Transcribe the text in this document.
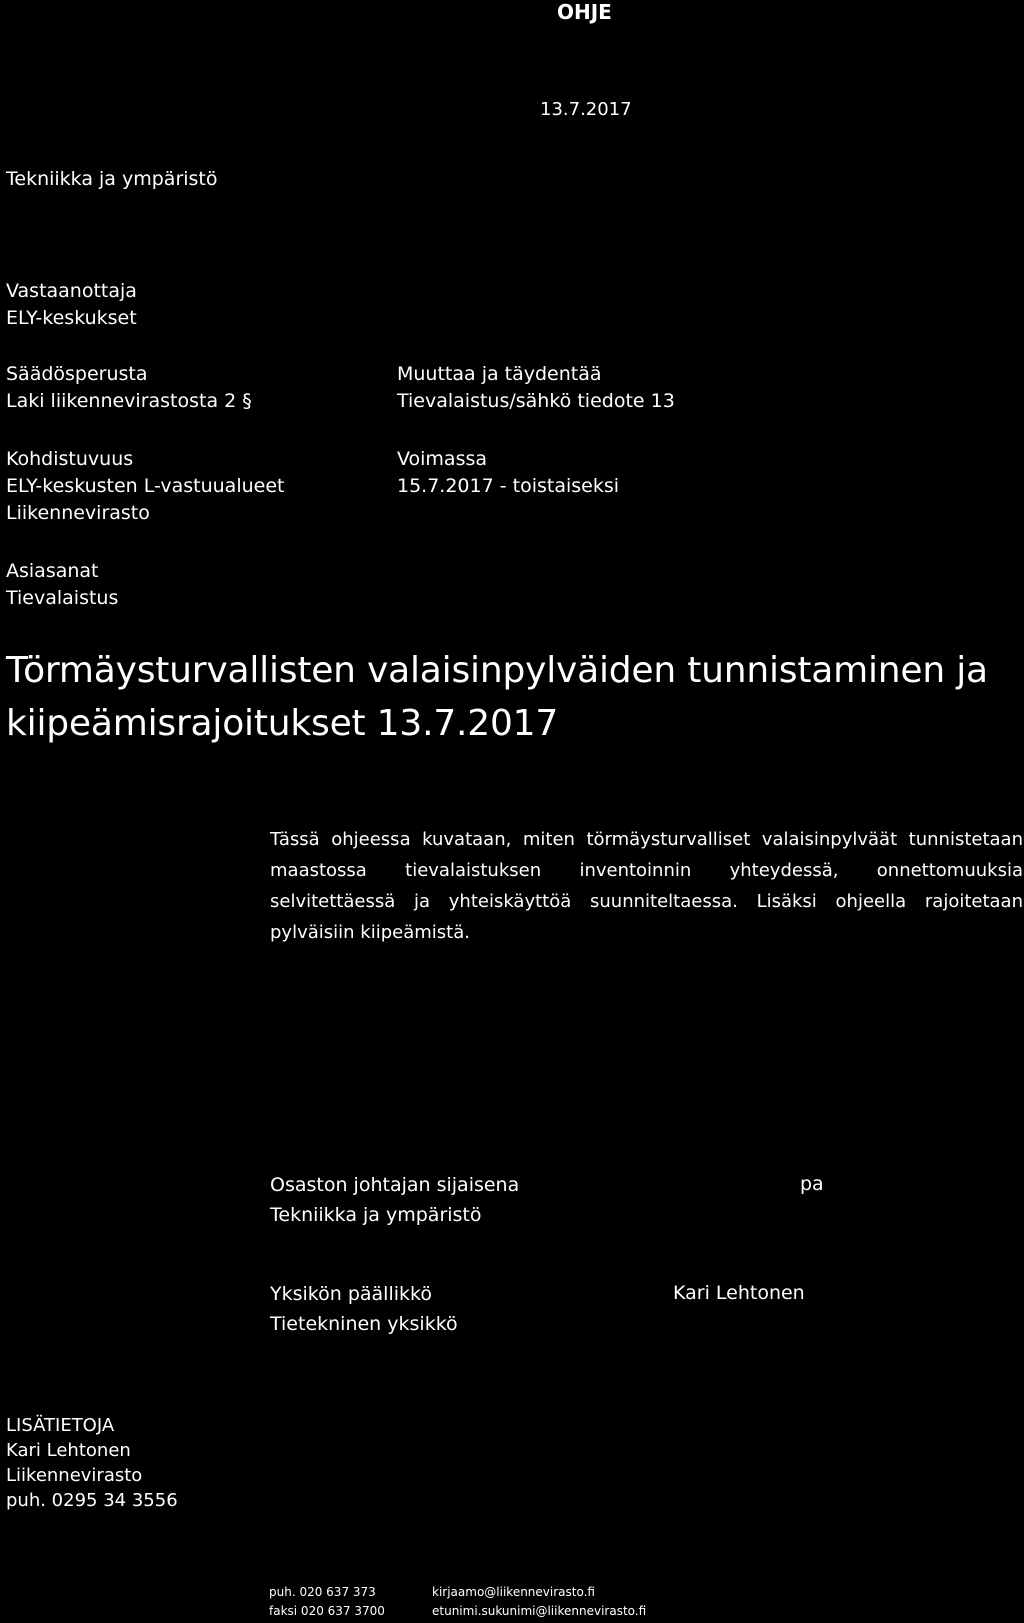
OHJE
13.7.2017
Tekniikka ja ympäristö
Vastaanottaja
ELY-keskukset
Säädösperusta
Laki liikennevirastosta 2 §
Muuttaa ja täydentää
Tievalaistus/sähkö tiedote 13
Kohdistuvuus
ELY-keskusten L-vastuualueet
Liikennevirasto
Voimassa
15.7.2017 - toistaiseksi
Asiasanat
Tievalaistus
Törmäysturvallisten valaisinpylväiden tunnistaminen ja
kiipeämisrajoitukset 13.7.2017
Tässä ohjeessa kuvataan, miten törmäysturvalliset valaisinpylväät tunnistetaan
maastossa tievalaistuksen inventoinnin yhteydessä, onnettomuuksia
selvitettäessä ja yhteiskäyttöä suunniteltaessa. Lisäksi ohjeella rajoitetaan
pylväisiin kiipeämistä.
Osaston johtajan sijaisena
Tekniikka ja ympäristö
pa
Yksikön päällikkö
Tietekninen yksikkö
Kari Lehtonen
LISÄTIETOJA
Kari Lehtonen
Liikennevirasto
puh. 0295 34 3556
puh. 020 637 373
faksi 020 637 3700
kirjaamo@liikennevirasto.fi
etunimi.sukunimi@liikennevirasto.fi
